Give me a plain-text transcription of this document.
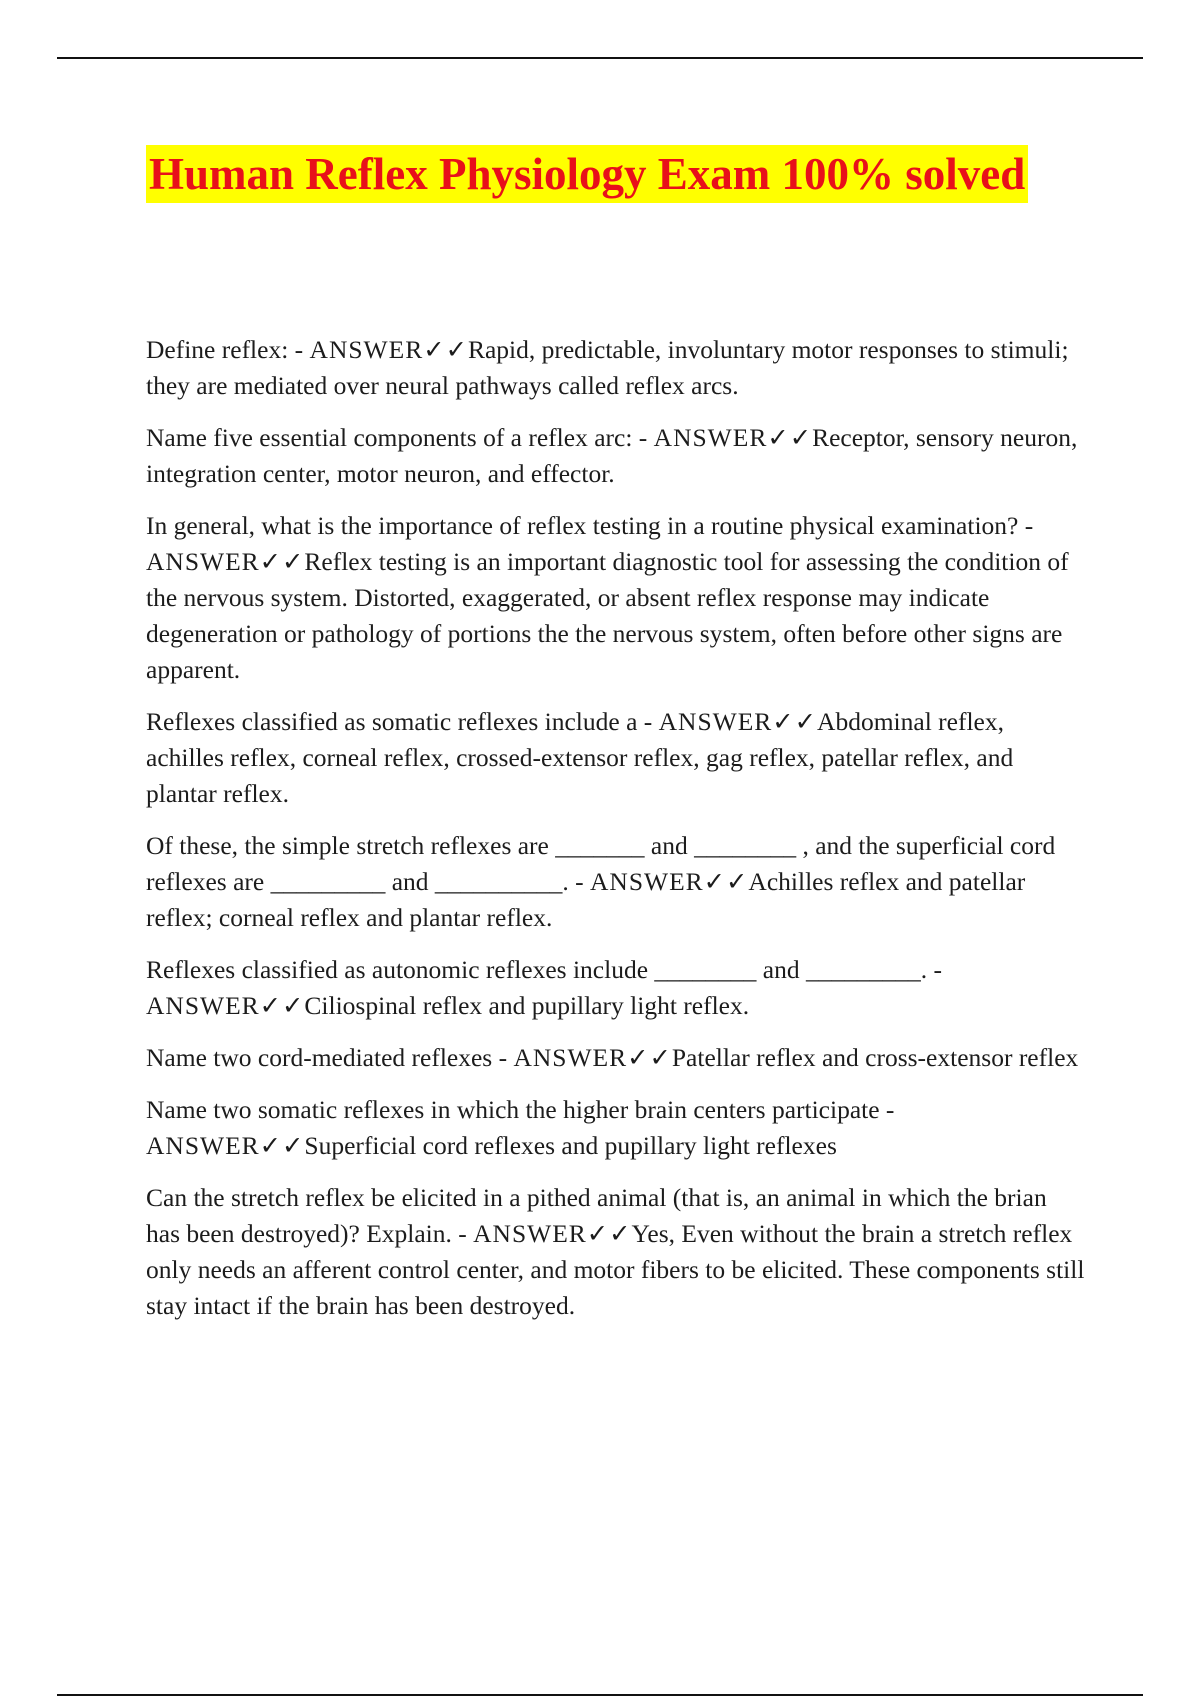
Human Reflex Physiology Exam 100% solved

Define reflex: - ANSWER✓✓Rapid, predictable, involuntary motor responses to stimuli; they are mediated over neural pathways called reflex arcs.

Name five essential components of a reflex arc: - ANSWER✓✓Receptor, sensory neuron, integration center, motor neuron, and effector.

In general, what is the importance of reflex testing in a routine physical examination? - ANSWER✓✓Reflex testing is an important diagnostic tool for assessing the condition of the nervous system. Distorted, exaggerated, or absent reflex response may indicate degeneration or pathology of portions the the nervous system, often before other signs are apparent.

Reflexes classified as somatic reflexes include a - ANSWER✓✓Abdominal reflex, achilles reflex, corneal reflex, crossed-extensor reflex, gag reflex, patellar reflex, and plantar reflex.

Of these, the simple stretch reflexes are _______ and ________ , and the superficial cord reflexes are _________ and __________. - ANSWER✓✓Achilles reflex and patellar reflex; corneal reflex and plantar reflex.

Reflexes classified as autonomic reflexes include ________ and _________. - ANSWER✓✓Ciliospinal reflex and pupillary light reflex.

Name two cord-mediated reflexes - ANSWER✓✓Patellar reflex and cross-extensor reflex

Name two somatic reflexes in which the higher brain centers participate - ANSWER✓✓Superficial cord reflexes and pupillary light reflexes

Can the stretch reflex be elicited in a pithed animal (that is, an animal in which the brian has been destroyed)? Explain. - ANSWER✓✓Yes, Even without the brain a stretch reflex only needs an afferent control center, and motor fibers to be elicited. These components still stay intact if the brain has been destroyed.
